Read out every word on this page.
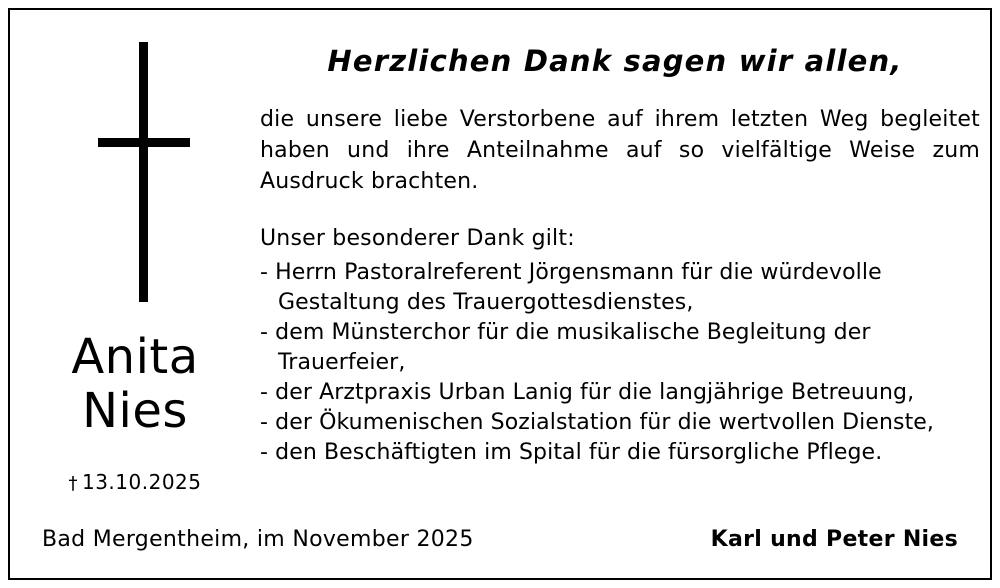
Anita
Nies
† 13.10.2025
Herzlichen Dank sagen wir allen,

die unsere liebe Verstorbene auf ihrem letzten Weg begleitet haben und ihre Anteilnahme auf so vielfältige Weise zum Ausdruck brachten.

Unser besonderer Dank gilt:

- Herrn Pastoralreferent Jörgensmann für die würdevolle Gestaltung des Trauergottesdienstes,
- dem Münsterchor für die musikalische Begleitung der Trauerfeier,
- der Arztpraxis Urban Lanig für die langjährige Betreuung,
- der Ökumenischen Sozialstation für die wertvollen Dienste,
- den Beschäftigten im Spital für die fürsorgliche Pflege.
Bad Mergentheim, im November 2025	Karl und Peter Nies
